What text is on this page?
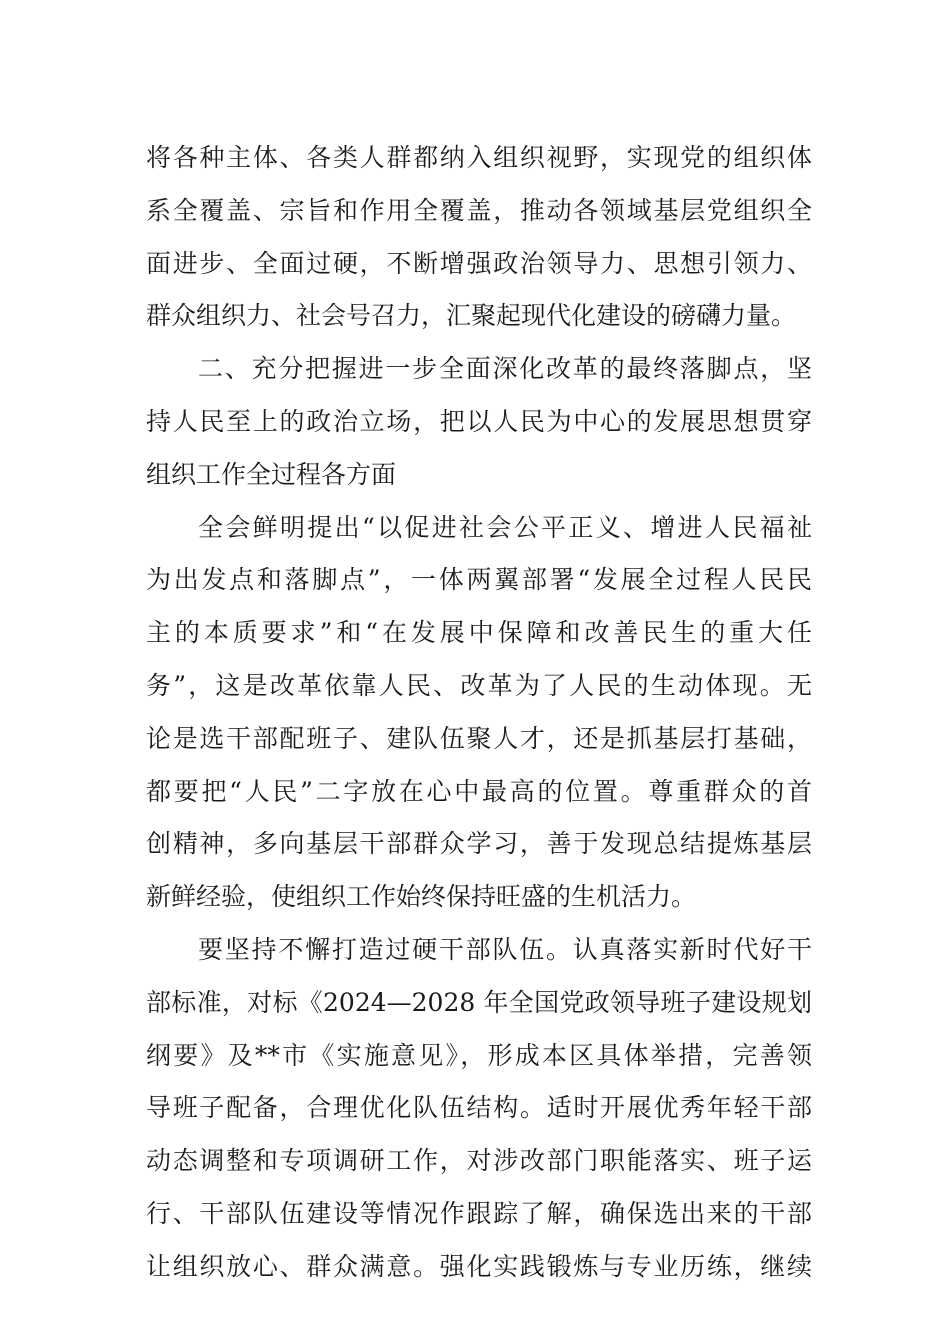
将各种主体、各类人群都纳入组织视野，实现党的组织体
系全覆盖、宗旨和作用全覆盖，推动各领域基层党组织全
面进步、全面过硬，不断增强政治领导力、思想引领力、
群众组织力、社会号召力，汇聚起现代化建设的磅礴力量。
二、充分把握进一步全面深化改革的最终落脚点，坚
持人民至上的政治立场，把以人民为中心的发展思想贯穿
组织工作全过程各方面
全会鲜明提出“以促进社会公平正义、增进人民福祉
为出发点和落脚点”，一体两翼部署“发展全过程人民民
主的本质要求”和“在发展中保障和改善民生的重大任
务”，这是改革依靠人民、改革为了人民的生动体现。无
论是选干部配班子、建队伍聚人才，还是抓基层打基础，
都要把“人民”二字放在心中最高的位置。尊重群众的首
创精神，多向基层干部群众学习，善于发现总结提炼基层
新鲜经验，使组织工作始终保持旺盛的生机活力。
要坚持不懈打造过硬干部队伍。认真落实新时代好干
部标准，对标《2024—2028 年全国党政领导班子建设规划
纲要》及**市《实施意见》，形成本区具体举措，完善领
导班子配备，合理优化队伍结构。适时开展优秀年轻干部
动态调整和专项调研工作，对涉改部门职能落实、班子运
行、干部队伍建设等情况作跟踪了解，确保选出来的干部
让组织放心、群众满意。强化实践锻炼与专业历练，继续
